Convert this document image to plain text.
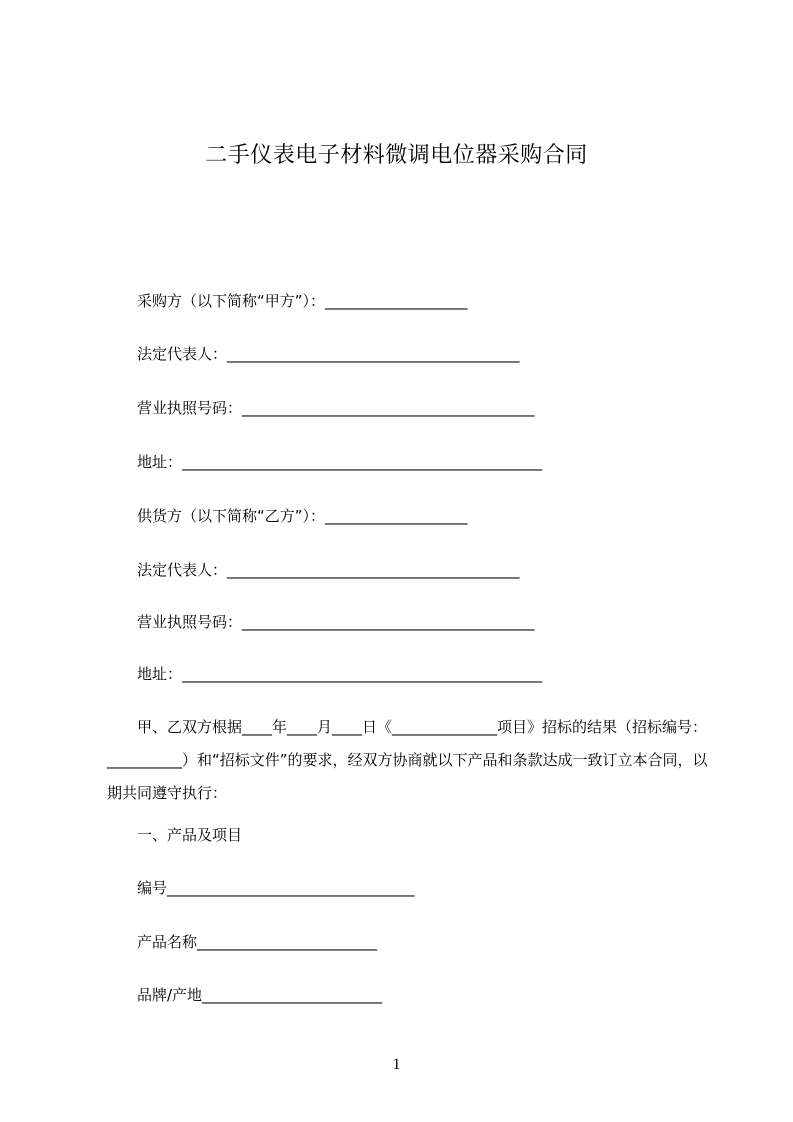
二手仪表电子材料微调电位器采购合同
采购方（以下简称“甲方”）：___________________
法定代表人：_______________________________________
营业执照号码：_______________________________________
地址：________________________________________________
供货方（以下简称“乙方”）：___________________
法定代表人：_______________________________________
营业执照号码：_______________________________________
地址：________________________________________________
甲、乙双方根据____年____月____日《______________项目》招标的结果（招标编号：__________）和“招标文件”的要求，经双方协商就以下产品和条款达成一致订立本合同，以期共同遵守执行：
一、产品及项目
编号_________________________________
产品名称________________________
品牌/产地________________________
1
